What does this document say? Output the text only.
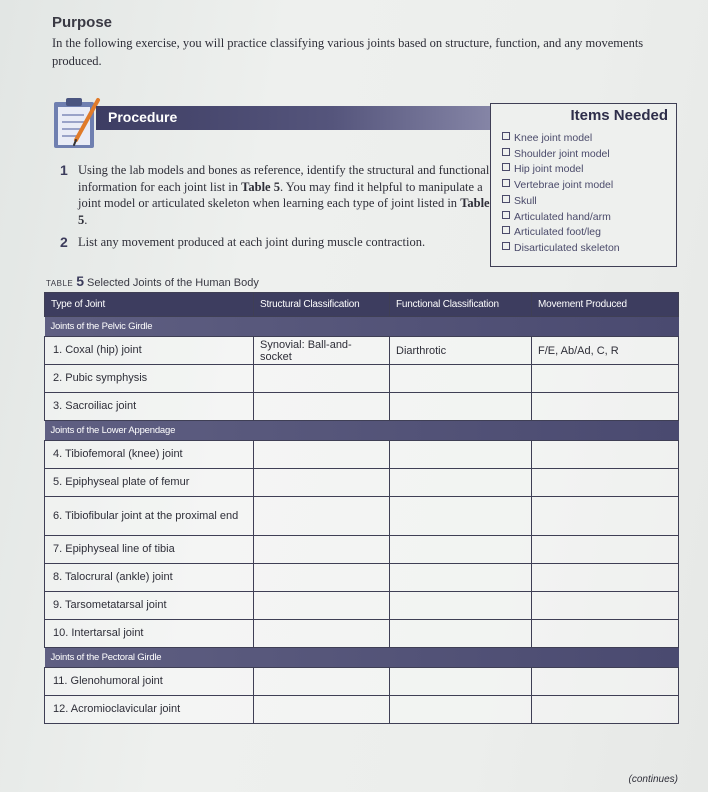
Purpose
In the following exercise, you will practice classifying various joints based on structure, function, and any movements produced.
Procedure
1 Using the lab models and bones as reference, identify the structural and functional information for each joint list in Table 5. You may find it helpful to manipulate a joint model or articulated skeleton when learning each type of joint listed in Table 5.
2 List any movement produced at each joint during muscle contraction.
Items Needed
Knee joint model
Shoulder joint model
Hip joint model
Vertebrae joint model
Skull
Articulated hand/arm
Articulated foot/leg
Disarticulated skeleton
TABLE 5 Selected Joints of the Human Body
Type of Joint	Structural Classification	Functional Classification	Movement Produced
Joints of the Pelvic Girdle			
1. Coxal (hip) joint	Synovial: Ball-and-socket	Diarthrotic	F/E, Ab/Ad, C, R
2. Pubic symphysis			
3. Sacroiliac joint			
Joints of the Lower Appendage			
4. Tibiofemoral (knee) joint			
5. Epiphyseal plate of femur			
6. Tibiofibular joint at the proximal end			
7. Epiphyseal line of tibia			
8. Talocrural (ankle) joint			
9. Tarsometatarsal joint			
10. Intertarsal joint			
Joints of the Pectoral Girdle			
11. Glenohumoral joint			
12. Acromioclavicular joint			
(continues)
